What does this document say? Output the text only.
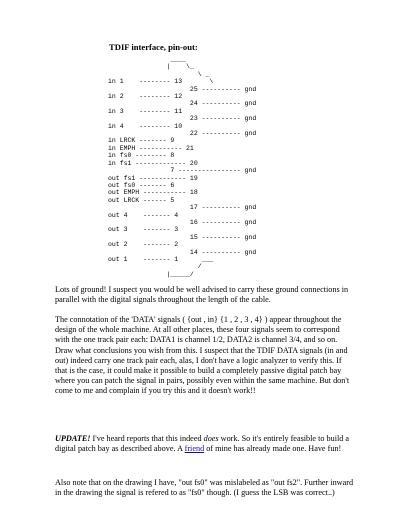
TDIF interface, pin-out:
____
|    \_
\ _
in 1    -------- 13       \
25 ---------- gnd
in 2    -------- 12
24 ---------- gnd
in 3    -------- 11
23 ---------- gnd
in 4    -------- 10
22 ---------- gnd
in LRCK ------- 9
in EMPH ----------- 21
in fs0 -------- 8
in fs1 ------------- 20
7 ---------------- gnd
out fs1 ------------ 19
out fs0 ------- 6
out EMPH ----------- 18
out LRCK ------ 5
17 ---------- gnd
out 4    ------- 4
16 ---------- gnd
out 3    ------- 3
15 ---------- gnd
out 2    ------- 2
14 ---------- gnd
out 1    ------- 1      ___
/
|_____/

Lots of ground! I suspect you would be well advised to carry these ground connections in parallel with the digital signals throughout the length of the cable.

The connotation of the 'DATA' signals ( {out , in} {1 , 2 , 3 , 4} ) appear throughout the design of the whole machine. At all other places, these four signals seem to correspond with the one track pair each: DATA1 is channel 1/2, DATA2 is channel 3/4, and so on. Draw what conclusions you wish from this. I suspect that the TDIF DATA signals (in and out) indeed carry one track pair each, alas, I don't have a logic analyzer to verify this. If that is the case, it could make it possible to build a completely passive digital patch bay where you can patch the signal in pairs, possibly even within the same machine. But don't come to me and complain if you try this and it doesn't work!!

UPDATE! I've heard reports that this indeed does work. So it's entirely feasible to build a digital patch bay as described above. A friend of mine has already made one. Have fun!

Also note that on the drawing I have, "out fs0" was mislabeled as "out fs2". Further inward in the drawing the signal is refered to as "fs0" though. (I guess the LSB was correct..)
